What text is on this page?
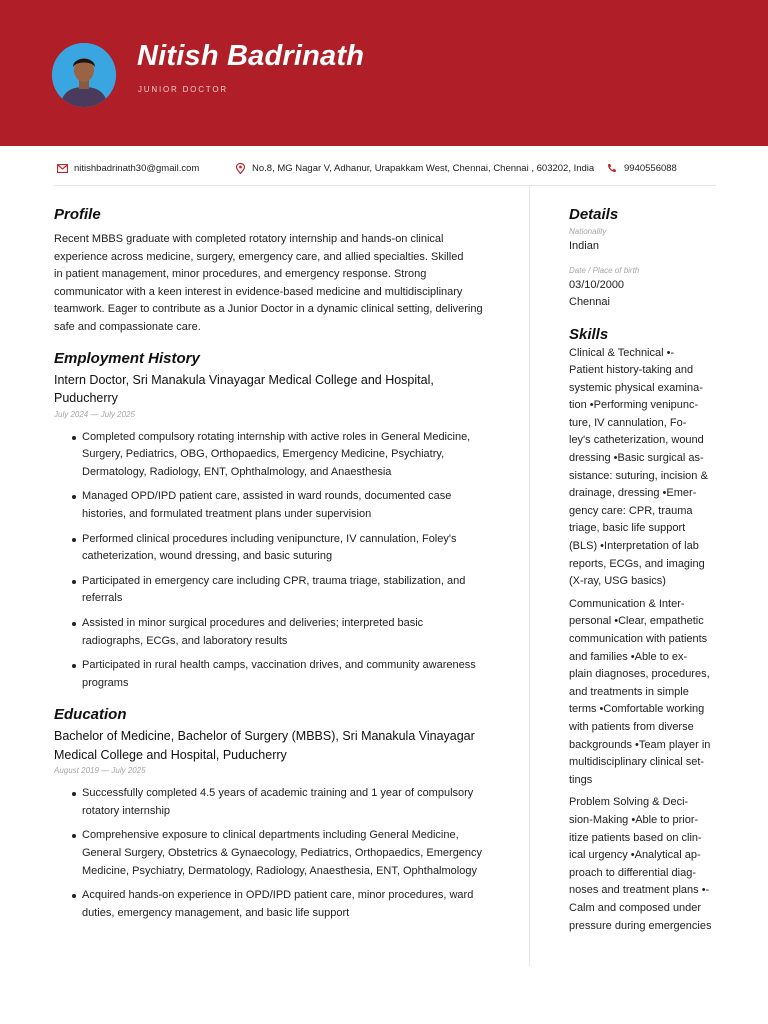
Nitish Badrinath
JUNIOR DOCTOR
nitishbadrinath30@gmail.com	No.8, MG Nagar V, Adhanur, Urapakkam West, Chennai, Chennai , 603202, India	9940556088
Profile
Recent MBBS graduate with completed rotatory internship and hands-on clinical
experience across medicine, surgery, emergency care, and allied specialties. Skilled
in patient management, minor procedures, and emergency response. Strong
communicator with a keen interest in evidence-based medicine and multidisciplinary
teamwork. Eager to contribute as a Junior Doctor in a dynamic clinical setting, delivering
safe and compassionate care.
Employment History
Intern Doctor, Sri Manakula Vinayagar Medical College and Hospital,
Puducherry
July 2024 — July 2025
Completed compulsory rotating internship with active roles in General Medicine,
Surgery, Pediatrics, OBG, Orthopaedics, Emergency Medicine, Psychiatry,
Dermatology, Radiology, ENT, Ophthalmology, and Anaesthesia
Managed OPD/IPD patient care, assisted in ward rounds, documented case
histories, and formulated treatment plans under supervision
Performed clinical procedures including venipuncture, IV cannulation, Foley's
catheterization, wound dressing, and basic suturing
Participated in emergency care including CPR, trauma triage, stabilization, and
referrals
Assisted in minor surgical procedures and deliveries; interpreted basic
radiographs, ECGs, and laboratory results
Participated in rural health camps, vaccination drives, and community awareness
programs
Education
Bachelor of Medicine, Bachelor of Surgery (MBBS), Sri Manakula Vinayagar
Medical College and Hospital, Puducherry
August 2019 — July 2025
Successfully completed 4.5 years of academic training and 1 year of compulsory
rotatory internship
Comprehensive exposure to clinical departments including General Medicine,
General Surgery, Obstetrics & Gynaecology, Pediatrics, Orthopaedics, Emergency
Medicine, Psychiatry, Dermatology, Radiology, Anaesthesia, ENT, Ophthalmology
Acquired hands-on experience in OPD/IPD patient care, minor procedures, ward
duties, emergency management, and basic life support
Details
Nationality
Indian
Date / Place of birth
03/10/2000
Chennai
Skills
Clinical & Technical •-
Patient history-taking and
systemic physical examina-
tion •Performing venipunc-
ture, IV cannulation, Fo-
ley's catheterization, wound
dressing •Basic surgical as-
sistance: suturing, incision &
drainage, dressing •Emer-
gency care: CPR, trauma
triage, basic life support
(BLS) •Interpretation of lab
reports, ECGs, and imaging
(X-ray, USG basics)
Communication & Inter-
personal •Clear, empathetic
communication with patients
and families •Able to ex-
plain diagnoses, procedures,
and treatments in simple
terms •Comfortable working
with patients from diverse
backgrounds •Team player in
multidisciplinary clinical set-
tings
Problem Solving & Deci-
sion-Making •Able to prior-
itize patients based on clin-
ical urgency •Analytical ap-
proach to differential diag-
noses and treatment plans •-
Calm and composed under
pressure during emergencies
